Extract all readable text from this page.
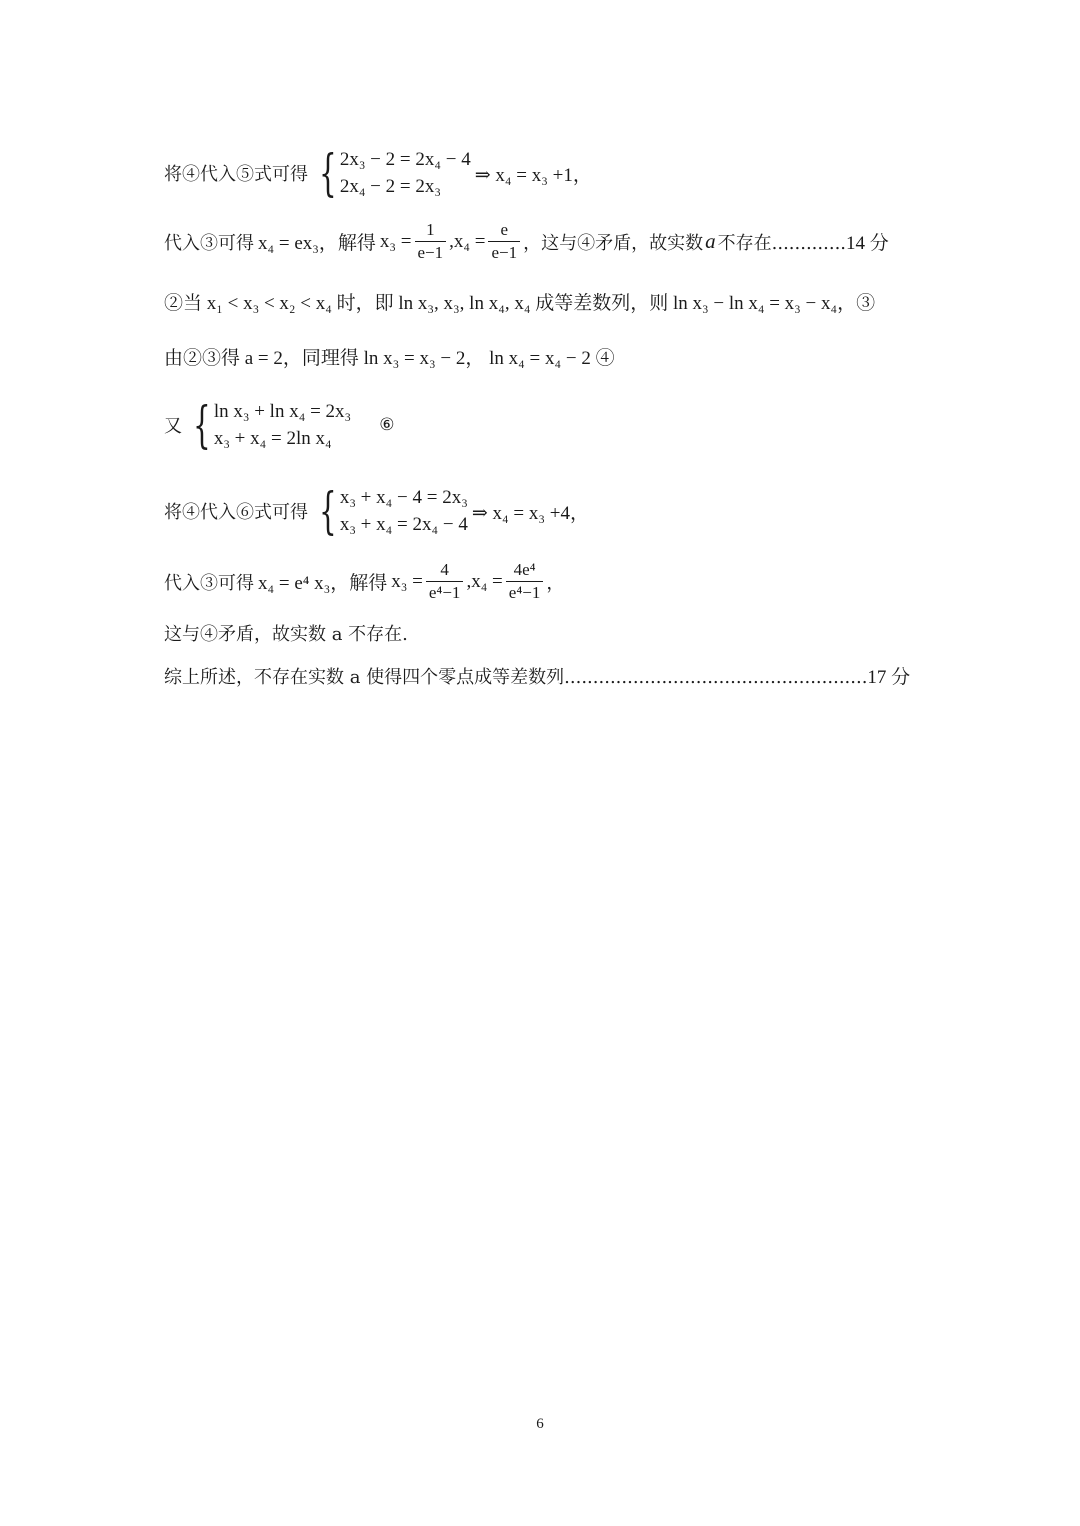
将④代入⑤式可得 { 2x₃ − 2 = 2x₄ − 4
2x₄ − 2 = 2x₃
⇒ x₄ = x₃ +1，
代入③可得 x₄ = ex₃，解得 $x_3 = \frac{1}{e-1} ,x_4 = \frac{e}{e-1}$ ，这与④矛盾，故实数 a 不存在............. 14 分
②当 x₁ < x₃ < x₂ < x₄ 时，即 ln x₃, x₃, ln x₄, x₄ 成等差数列，则 ln x₃ − ln x₄ = x₃ − x₄，③
由②③得 a = 2，同理得 ln x₃ = x₃ − 2， ln x₄ = x₄ − 2 ④
又 { ln x₃ + ln x₄ = 2x₃
x₃ + x₄ = 2ln x₄
⑥
将④代入⑥式可得 { x₃ + x₄ − 4 = 2x₃
x₃ + x₄ = 2x₄ − 4
⇒ x₄ = x₃ +4，
代入③可得 x₄ = e⁴ x₃，解得 $x_3 = \frac{4}{\text{e⁴−1}} ,x_4 = \frac{\text{4e⁴}}{\text{e⁴−1}}$ ，
这与④矛盾，故实数 a 不存在.
综上所述，不存在实数 a 使得四个零点成等差数列..................................................... 17 分
6
